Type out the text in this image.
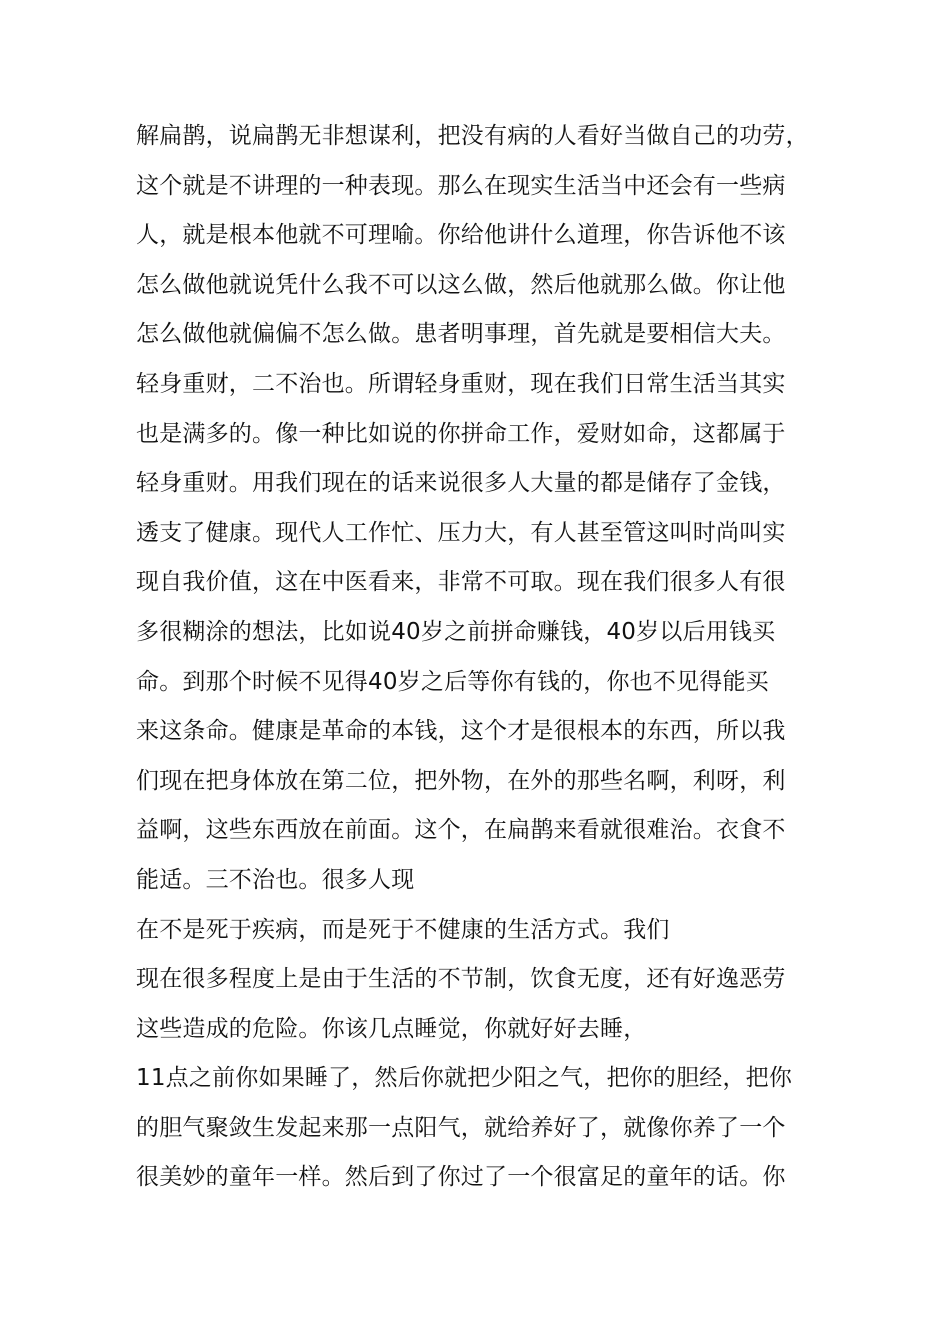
解扁鹊，说扁鹊无非想谋利，把没有病的人看好当做自己的功劳，
这个就是不讲理的一种表现。那么在现实生活当中还会有一些病
人，就是根本他就不可理喻。你给他讲什么道理，你告诉他不该
怎么做他就说凭什么我不可以这么做，然后他就那么做。你让他
怎么做他就偏偏不怎么做。患者明事理，首先就是要相信大夫。
轻身重财，二不治也。所谓轻身重财，现在我们日常生活当其实
也是满多的。像一种比如说的你拼命工作，爱财如命，这都属于
轻身重财。用我们现在的话来说很多人大量的都是储存了金钱，
透支了健康。现代人工作忙、压力大，有人甚至管这叫时尚叫实
现自我价值，这在中医看来，非常不可取。现在我们很多人有很
多很糊涂的想法，比如说40岁之前拼命赚钱，40岁以后用钱买
命。到那个时候不见得40岁之后等你有钱的，你也不见得能买
来这条命。健康是革命的本钱，这个才是很根本的东西，所以我
们现在把身体放在第二位，把外物，在外的那些名啊，利呀，利
益啊，这些东西放在前面。这个，在扁鹊来看就很难治。衣食不
能适。三不治也。很多人现
在不是死于疾病，而是死于不健康的生活方式。我们
现在很多程度上是由于生活的不节制，饮食无度，还有好逸恶劳
这些造成的危险。你该几点睡觉，你就好好去睡，
11点之前你如果睡了，然后你就把少阳之气，把你的胆经，把你
的胆气聚敛生发起来那一点阳气，就给养好了，就像你养了一个
很美妙的童年一样。然后到了你过了一个很富足的童年的话。你
